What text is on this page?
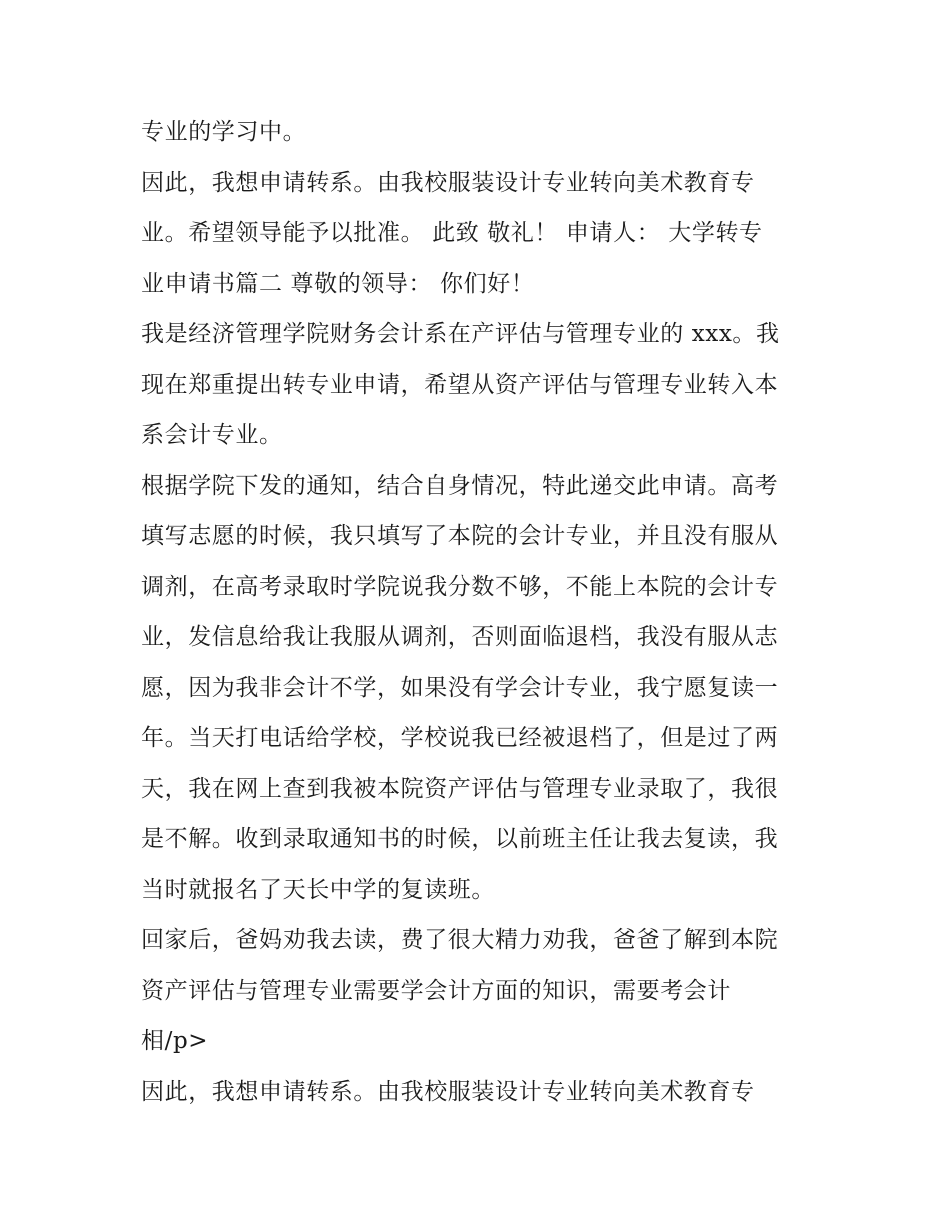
专业的学习中。
因此，我想申请转系。由我校服装设计专业转向美术教育专
业。希望领导能予以批准。 此致 敬礼！ 申请人： 大学转专
业申请书篇二 尊敬的领导： 你们好！
我是经济管理学院财务会计系在产评估与管理专业的 xxx。我
现在郑重提出转专业申请，希望从资产评估与管理专业转入本
系会计专业。
根据学院下发的通知，结合自身情况，特此递交此申请。高考
填写志愿的时候，我只填写了本院的会计专业，并且没有服从
调剂，在高考录取时学院说我分数不够，不能上本院的会计专
业，发信息给我让我服从调剂，否则面临退档，我没有服从志
愿，因为我非会计不学，如果没有学会计专业，我宁愿复读一
年。当天打电话给学校，学校说我已经被退档了，但是过了两
天，我在网上查到我被本院资产评估与管理专业录取了，我很
是不解。收到录取通知书的时候，以前班主任让我去复读，我
当时就报名了天长中学的复读班。
回家后，爸妈劝我去读，费了很大精力劝我，爸爸了解到本院
资产评估与管理专业需要学会计方面的知识，需要考会计
相/p>
因此，我想申请转系。由我校服装设计专业转向美术教育专
